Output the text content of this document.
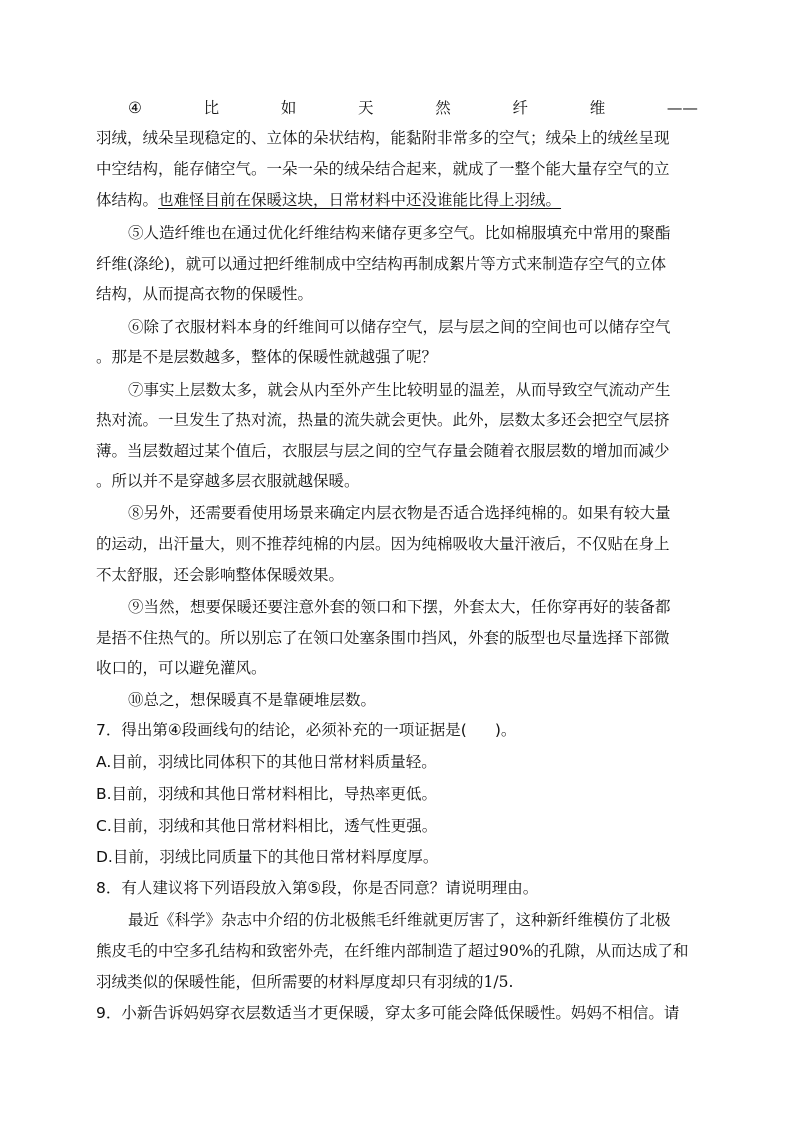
④	比	如	天	然	纤	维	——
羽绒，绒朵呈现稳定的、立体的朵状结构，能黏附非常多的空气；绒朵上的绒丝呈现
中空结构，能存储空气。一朵一朵的绒朵结合起来，就成了一整个能大量存空气的立
体结构。也难怪目前在保暖这块，日常材料中还没谁能比得上羽绒。
⑤人造纤维也在通过优化纤维结构来储存更多空气。比如棉服填充中常用的聚酯
纤维(涤纶)，就可以通过把纤维制成中空结构再制成絮片等方式来制造存空气的立体
结构，从而提高衣物的保暖性。
⑥除了衣服材料本身的纤维间可以储存空气，层与层之间的空间也可以储存空气
。那是不是层数越多，整体的保暖性就越强了呢？
⑦事实上层数太多，就会从内至外产生比较明显的温差，从而导致空气流动产生
热对流。一旦发生了热对流，热量的流失就会更快。此外，层数太多还会把空气层挤
薄。当层数超过某个值后，衣服层与层之间的空气存量会随着衣服层数的增加而减少
。所以并不是穿越多层衣服就越保暖。
⑧另外，还需要看使用场景来确定内层衣物是否适合选择纯棉的。如果有较大量
的运动，出汗量大，则不推荐纯棉的内层。因为纯棉吸收大量汗液后，不仅贴在身上
不太舒服，还会影响整体保暖效果。
⑨当然，想要保暖还要注意外套的领口和下摆，外套太大，任你穿再好的装备都
是捂不住热气的。所以别忘了在领口处塞条围巾挡风，外套的版型也尽量选择下部微
收口的，可以避免灌风。
⑩总之，想保暖真不是靠硬堆层数。
7．得出第④段画线句的结论，必须补充的一项证据是( )。
A.目前，羽绒比同体积下的其他日常材料质量轻。
B.目前，羽绒和其他日常材料相比，导热率更低。
C.目前，羽绒和其他日常材料相比，透气性更强。
D.目前，羽绒比同质量下的其他日常材料厚度厚。
8．有人建议将下列语段放入第⑤段，你是否同意？请说明理由。
最近《科学》杂志中介绍的仿北极熊毛纤维就更厉害了，这种新纤维模仿了北极
熊皮毛的中空多孔结构和致密外壳，在纤维内部制造了超过90%的孔隙，从而达成了和
羽绒类似的保暖性能，但所需要的材料厚度却只有羽绒的1/5.
9．小新告诉妈妈穿衣层数适当才更保暖，穿太多可能会降低保暖性。妈妈不相信。请
